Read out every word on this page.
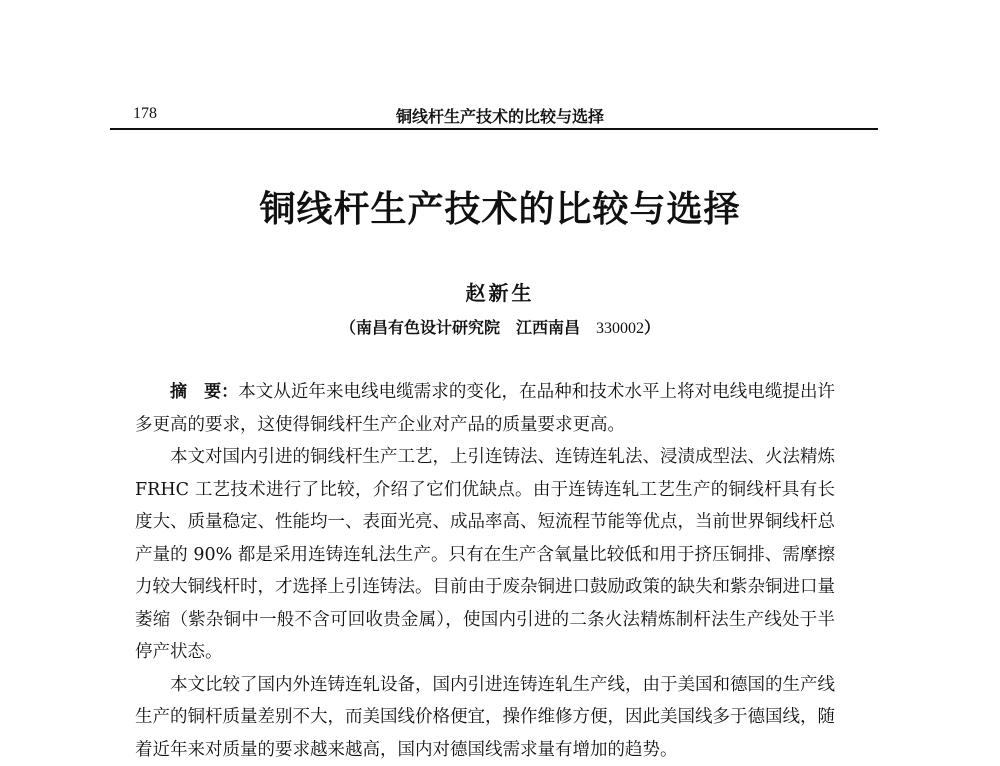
178	铜线杆生产技术的比较与选择
铜线杆生产技术的比较与选择
赵新生
（南昌有色设计研究院 江西南昌 330002）

摘　要：本文从近年来电线电缆需求的变化，在品种和技术水平上将对电线电缆提出许多更高的要求，这使得铜线杆生产企业对产品的质量要求更高。

本文对国内引进的铜线杆生产工艺，上引连铸法、连铸连轧法、浸渍成型法、火法精炼 FRHC 工艺技术进行了比较，介绍了它们优缺点。由于连铸连轧工艺生产的铜线杆具有长度大、质量稳定、性能均一、表面光亮、成品率高、短流程节能等优点，当前世界铜线杆总产量的 90% 都是采用连铸连轧法生产。只有在生产含氧量比较低和用于挤压铜排、需摩擦力较大铜线杆时，才选择上引连铸法。目前由于废杂铜进口鼓励政策的缺失和紫杂铜进口量萎缩（紫杂铜中一般不含可回收贵金属），使国内引进的二条火法精炼制杆法生产线处于半停产状态。

本文比较了国内外连铸连轧设备，国内引进连铸连轧生产线，由于美国和德国的生产线生产的铜杆质量差别不大，而美国线价格便宜，操作维修方便，因此美国线多于德国线，随着近年来对质量的要求越来越高，国内对德国线需求量有增加的趋势。
